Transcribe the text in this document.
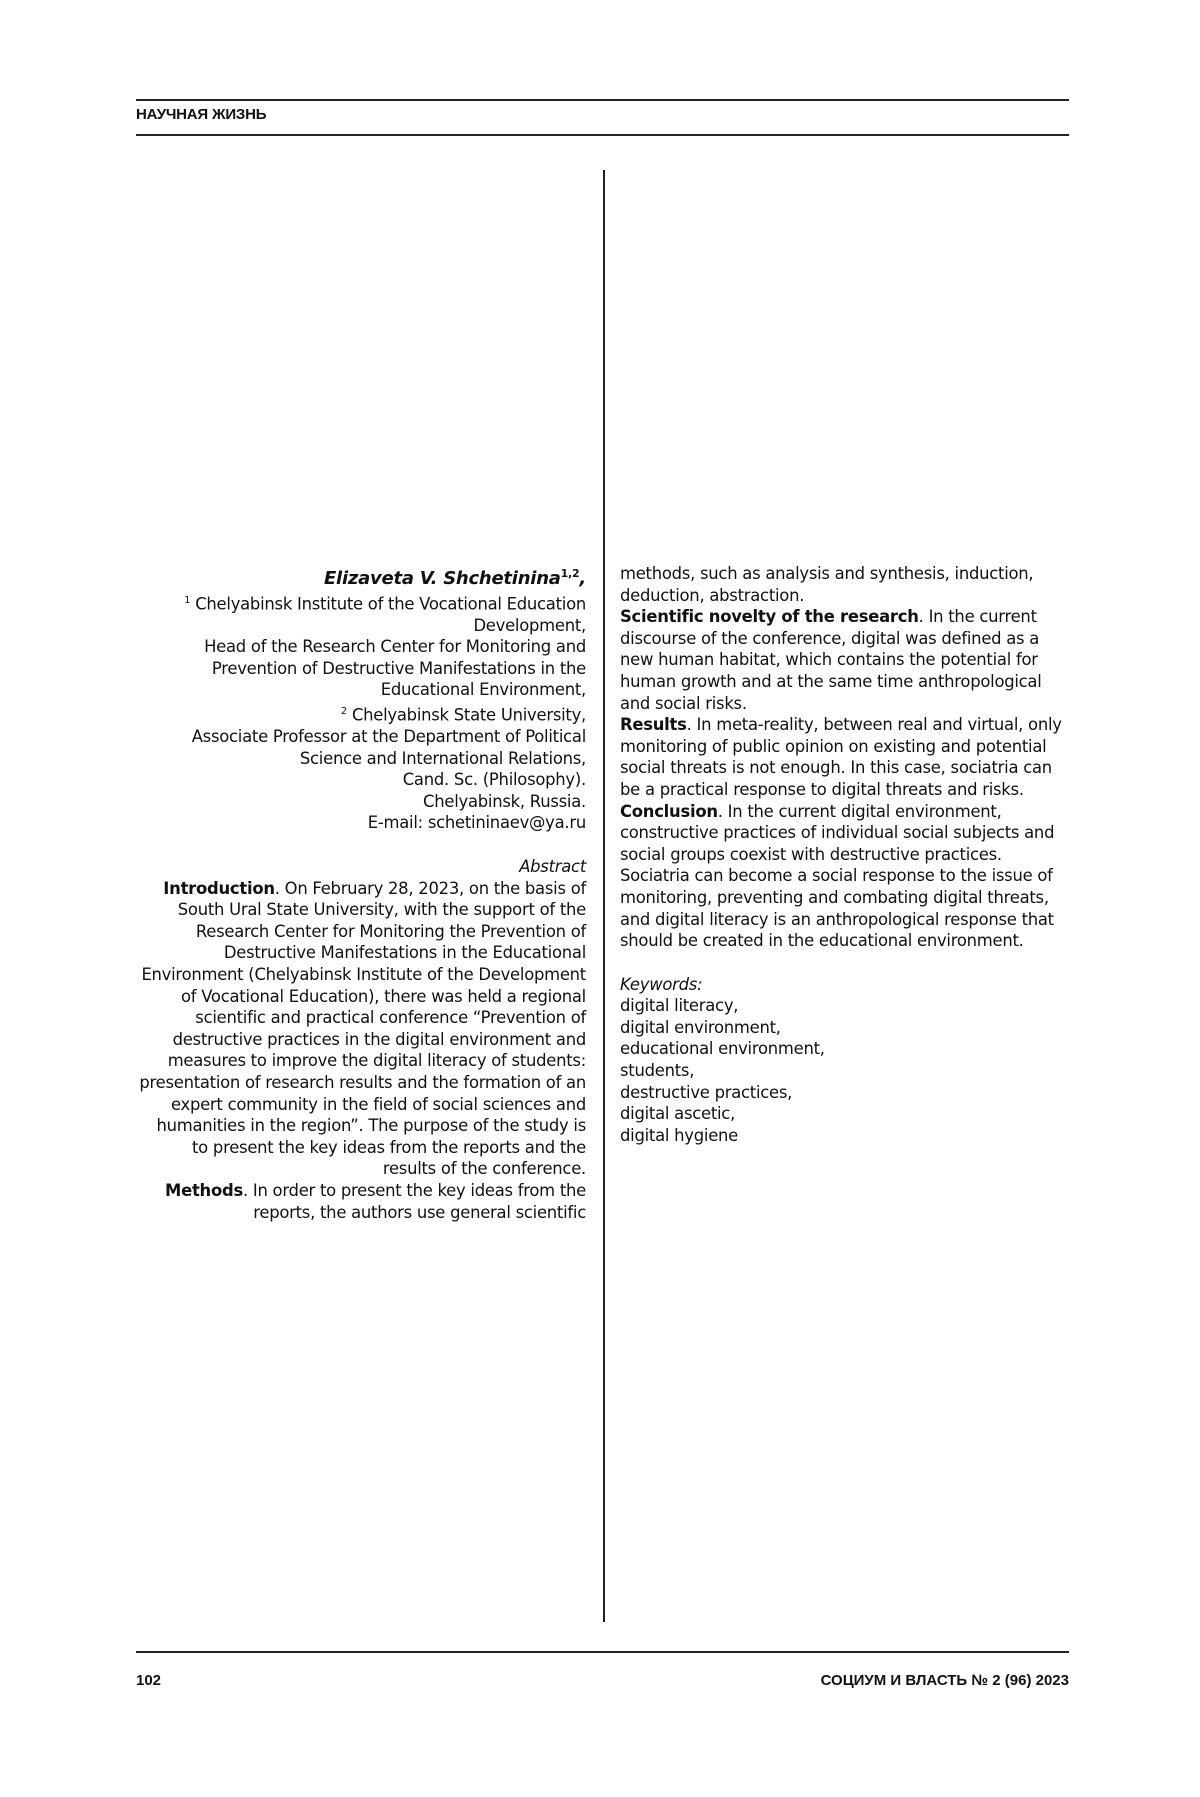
НАУЧНАЯ ЖИЗНЬ

Elizaveta V. Shchetinina$^{1,2}$,

$^1$ Chelyabinsk Institute of the Vocational Education Development,

Head of the Research Center for Monitoring and Prevention of Destructive Manifestations in the Educational Environment,

$^2$ Chelyabinsk State University,

Associate Professor at the Department of Political Science and International Relations,

Cand. Sc. (Philosophy).

Chelyabinsk, Russia.

E-mail: schetininaev@ya.ru

Abstract

Introduction. On February 28, 2023, on the basis of South Ural State University, with the support of the Research Center for Monitoring the Prevention of Destructive Manifestations in the Educational Environment (Chelyabinsk Institute of the Development of Vocational Education), there was held a regional scientific and practical conference “Prevention of destructive practices in the digital environment and measures to improve the digital literacy of students: presentation of research results and the formation of an expert community in the field of social sciences and humanities in the region”. The purpose of the study is to present the key ideas from the reports and the results of the conference.

Methods. In order to present the key ideas from the reports, the authors use general scientific

methods, such as analysis and synthesis, induction, deduction, abstraction.

Scientific novelty of the research. In the current discourse of the conference, digital was defined as a new human habitat, which contains the potential for human growth and at the same time anthropological and social risks.

Results. In meta-reality, between real and virtual, only monitoring of public opinion on existing and potential social threats is not enough. In this case, sociatria can be a practical response to digital threats and risks.

Conclusion. In the current digital environment, constructive practices of individual social subjects and social groups coexist with destructive practices. Sociatria can become a social response to the issue of monitoring, preventing and combating digital threats, and digital literacy is an anthropological response that should be created in the educational environment.

Keywords:

digital literacy,

digital environment,

educational environment,

students,

destructive practices,

digital ascetic,

digital hygiene

102	СОЦИУМ И ВЛАСТЬ № 2 (96) 2023
